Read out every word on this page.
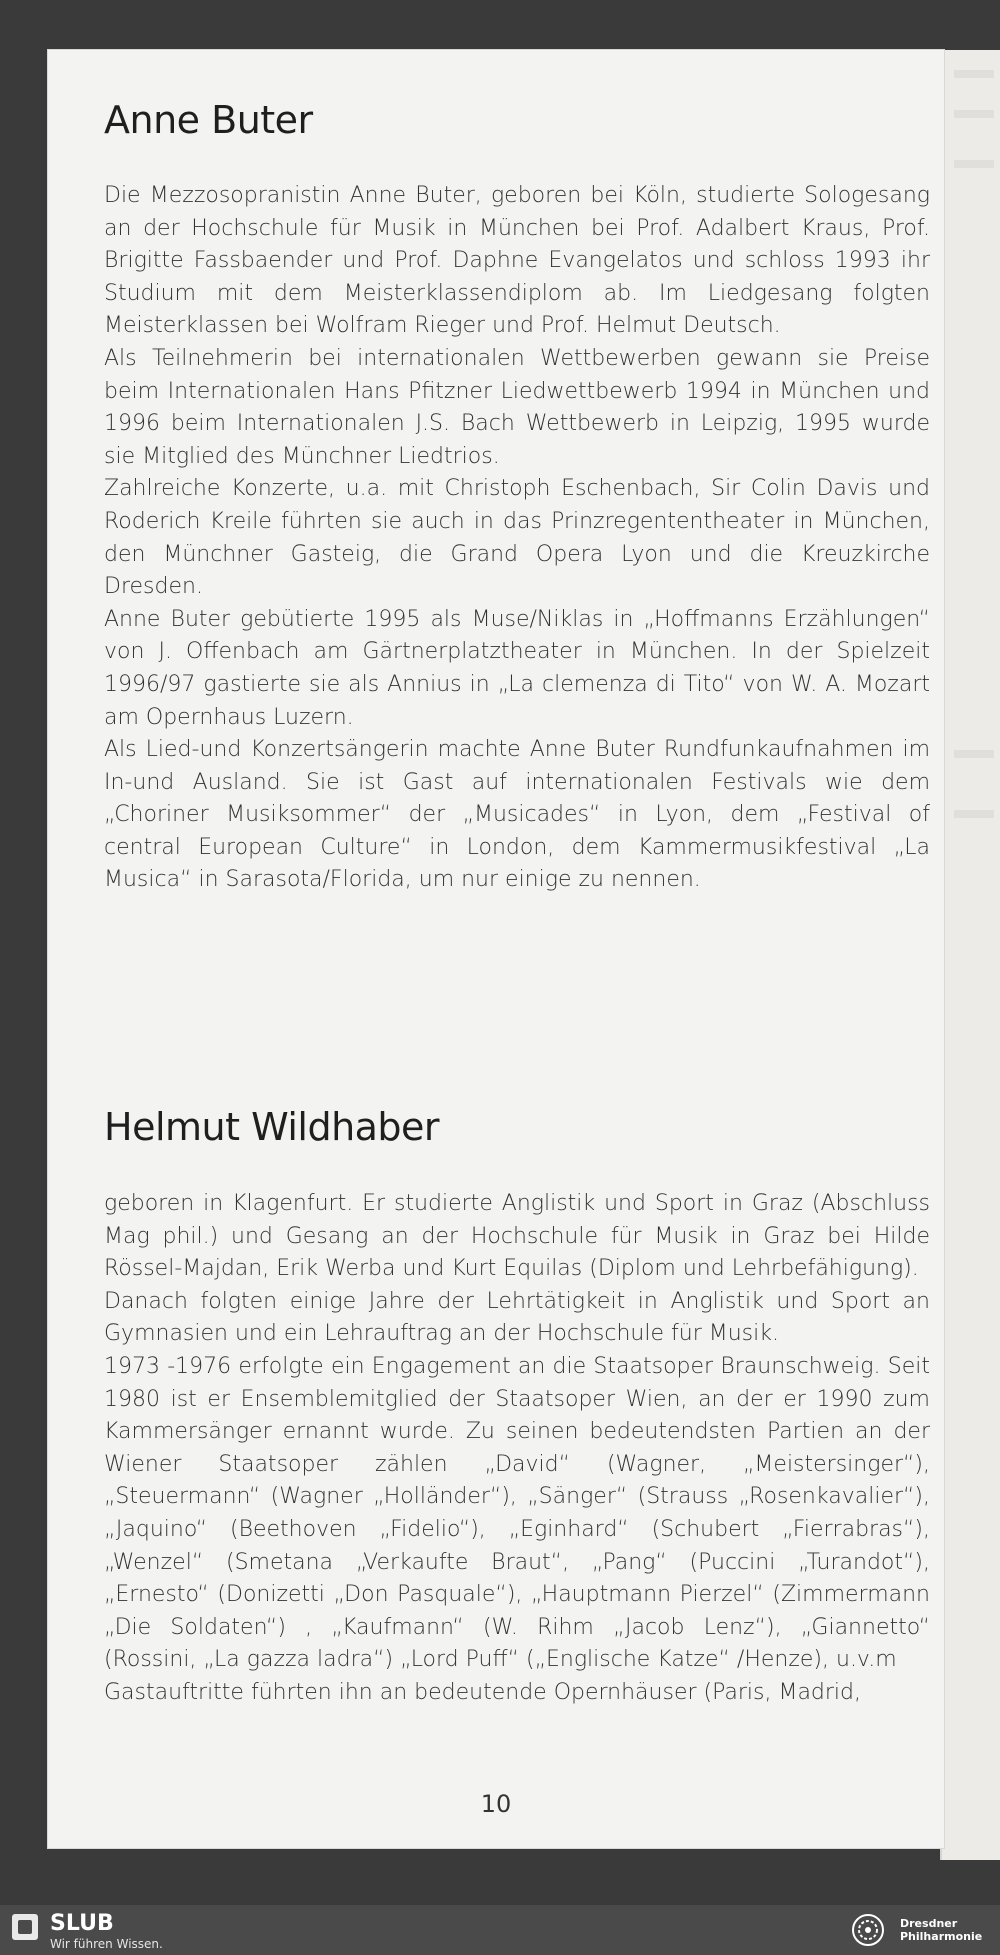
Anne Buter

Die Mezzosopranistin Anne Buter, geboren bei Köln, studierte Sologesang an der Hochschule für Musik in München bei Prof. Adalbert Kraus, Prof. Brigitte Fassbaender und Prof. Daphne Evangelatos und schloss 1993 ihr Studium mit dem Meisterklassendiplom ab. Im Liedgesang folgten Meisterklassen bei Wolfram Rieger und Prof. Helmut Deutsch.

Als Teilnehmerin bei internationalen Wettbewerben gewann sie Preise beim Internationalen Hans Pfitzner Liedwettbewerb 1994 in München und 1996 beim Internationalen J.S. Bach Wettbewerb in Leipzig, 1995 wurde sie Mitglied des Münchner Liedtrios.

Zahlreiche Konzerte, u.a. mit Christoph Eschenbach, Sir Colin Davis und Roderich Kreile führten sie auch in das Prinzregententheater in München, den Münchner Gasteig, die Grand Opera Lyon und die Kreuzkirche Dresden.

Anne Buter gebütierte 1995 als Muse/Niklas in „Hoffmanns Erzählungen“ von J. Offenbach am Gärtnerplatztheater in München. In der Spielzeit 1996/97 gastierte sie als Annius in „La clemenza di Tito“ von W. A. Mozart am Opernhaus Luzern.

Als Lied-und Konzertsängerin machte Anne Buter Rundfunkaufnahmen im In-und Ausland. Sie ist Gast auf internationalen Festivals wie dem „Choriner Musiksommer“ der „Musicades“ in Lyon, dem „Festival of central European Culture“ in London, dem Kammermusikfestival „La Musica“ in Sarasota/Florida, um nur einige zu nennen.

Helmut Wildhaber

geboren in Klagenfurt. Er studierte Anglistik und Sport in Graz (Abschluss Mag phil.) und Gesang an der Hochschule für Musik in Graz bei Hilde Rössel-Majdan, Erik Werba und Kurt Equilas (Diplom und Lehrbefähigung).

Danach folgten einige Jahre der Lehrtätigkeit in Anglistik und Sport an Gymnasien und ein Lehrauftrag an der Hochschule für Musik.

1973 -1976 erfolgte ein Engagement an die Staatsoper Braunschweig. Seit 1980 ist er Ensemblemitglied der Staatsoper Wien, an der er 1990 zum Kammersänger ernannt wurde. Zu seinen bedeutendsten Partien an der Wiener Staatsoper zählen „David“ (Wagner, „Meistersinger“), „Steuermann“ (Wagner „Holländer“), „Sänger“ (Strauss „Rosenkavalier“), „Jaquino“ (Beethoven „Fidelio“), „Eginhard“ (Schubert „Fierrabras“), „Wenzel“ (Smetana „Verkaufte Braut“, „Pang“ (Puccini „Turandot“), „Ernesto“ (Donizetti „Don Pasquale“), „Hauptmann Pierzel“ (Zimmermann „Die Soldaten“) , „Kaufmann“ (W. Rihm „Jacob Lenz“), „Giannetto“ (Rossini, „La gazza ladra“) „Lord Puff“ („Englische Katze“ /Henze), u.v.m

Gastauftritte führten ihn an bedeutende Opernhäuser (Paris, Madrid,

10
SLUB
Wir führen Wissen.
Dresdner
Philharmonie
